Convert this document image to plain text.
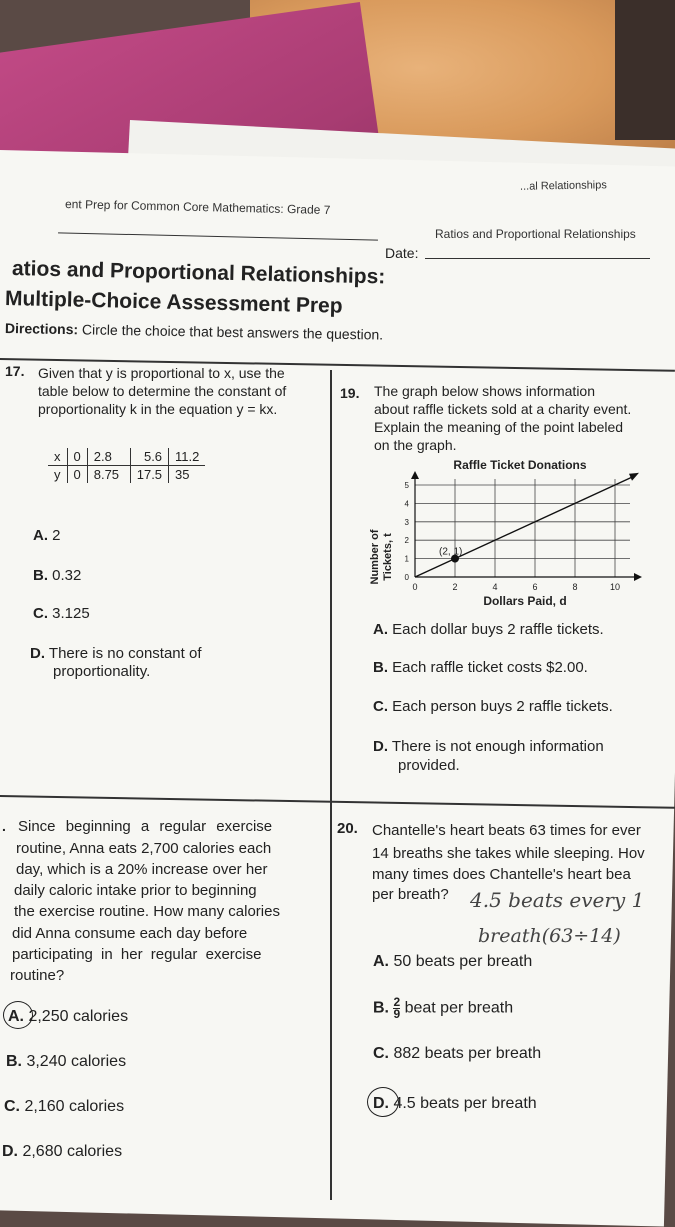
...al Relationships
ent Prep for Common Core Mathematics: Grade 7
Ratios and Proportional Relationships
Date:
atios and Proportional Relationships:
Multiple-Choice Assessment Prep
Directions: Circle the choice that best answers the question.
17. Given that y is proportional to x, use the
table below to determine the constant of
proportionality k in the equation y = kx.
x	0	2.8	5.6	11.2
y	0	8.75	17.5	35
A. 2
B. 0.32
C. 3.125
D. There is no constant of
proportionality.
19. The graph below shows information
about raffle tickets sold at a charity event.
Explain the meaning of the point labeled
on the graph.
Raffle Ticket Donations
Number of Tickets, t
Dollars Paid, d
0	2	4	6	8	10
0
1
2
3
4
5
(2, 1)
A. Each dollar buys 2 raffle tickets.
B. Each raffle ticket costs $2.00.
C. Each person buys 2 raffle tickets.
D. There is not enough information
provided.
. Since beginning a regular exercise
routine, Anna eats 2,700 calories each
day, which is a 20% increase over her
daily caloric intake prior to beginning
the exercise routine. How many calories
did Anna consume each day before
participating in her regular exercise
routine?
A. 2,250 calories
B. 3,240 calories
C. 2,160 calories
D. 2,680 calories
20. Chantelle's heart beats 63 times for ever
14 breaths she takes while sleeping. Hov
many times does Chantelle's heart bea
per breath? 4.5 beats every 1
breath(63÷14)
A. 50 beats per breath
B. $\frac{2}{9}$ beat per breath
C. 882 beats per breath
D. 4.5 beats per breath
